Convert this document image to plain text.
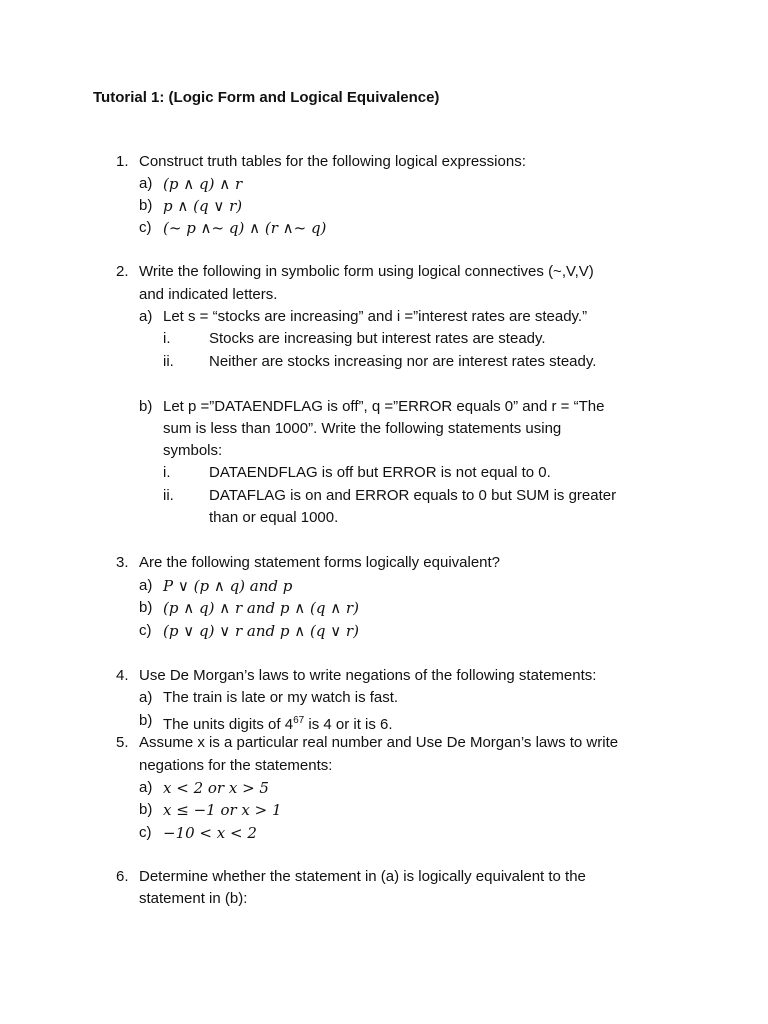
Tutorial 1: (Logic Form and Logical Equivalence)
1. Construct truth tables for the following logical expressions:
a) (p ∧ q) ∧ r
b) p ∧ (q ∨ r)
c) (~ p ∧~ q) ∧ (r ∧~ q)
2. Write the following in symbolic form using logical connectives (~,V,V)
and indicated letters.
a) Let s = “stocks are increasing” and i =”interest rates are steady.”
i.	Stocks are increasing but interest rates are steady.
ii. Neither are stocks increasing nor are interest rates steady.
b) Let p =”DATAENDFLAG is off”, q =”ERROR equals 0” and r = “The
sum is less than 1000”. Write the following statements using
symbols:
i.	DATAENDFLAG is off but ERROR is not equal to 0.
ii. DATAFLAG is on and ERROR equals to 0 but SUM is greater
than or equal 1000.
3. Are the following statement forms logically equivalent?
a) P ∨ (p ∧ q) and p
b) (p ∧ q) ∧ r and p ∧ (q ∧ r)
c) (p ∨ q) ∨ r and p ∧ (q ∨ r)
4. Use De Morgan’s laws to write negations of the following statements:
a) The train is late or my watch is fast.
b) The units digits of $4^{67}$ is 4 or it is 6.
5. Assume x is a particular real number and Use De Morgan’s laws to write
negations for the statements:
a) x < 2 or x > 5
b) x ≤ −1 or x > 1
c) −10 < x < 2
6. Determine whether the statement in (a) is logically equivalent to the
statement in (b):
